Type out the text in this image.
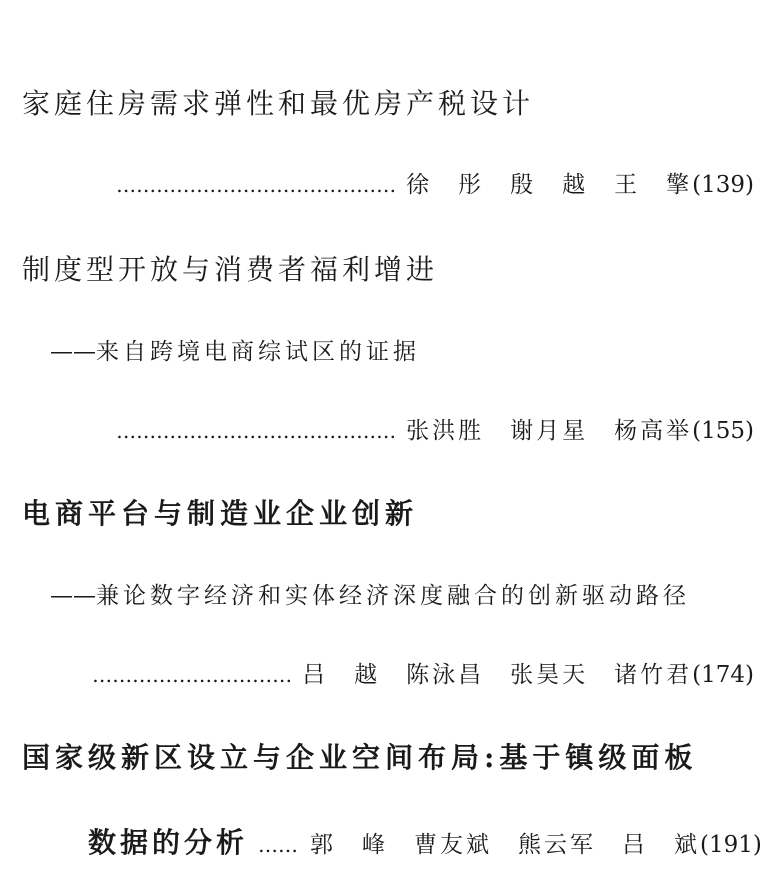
家庭住房需求弹性和最优房产税设计
…………………………………… 徐　彤　殷　越　王　擎 (139)
制度型开放与消费者福利增进
——来自跨境电商综试区的证据
…………………………………… 张洪胜　谢月星　杨高举 (155)
电商平台与制造业企业创新
——兼论数字经济和实体经济深度融合的创新驱动路径
………………………… 吕　越　陈泳昌　张昊天　诸竹君 (174)
国家级新区设立与企业空间布局:基于镇级面板
数据的分析 …… 郭　峰　曹友斌　熊云军　吕　斌 (191)
